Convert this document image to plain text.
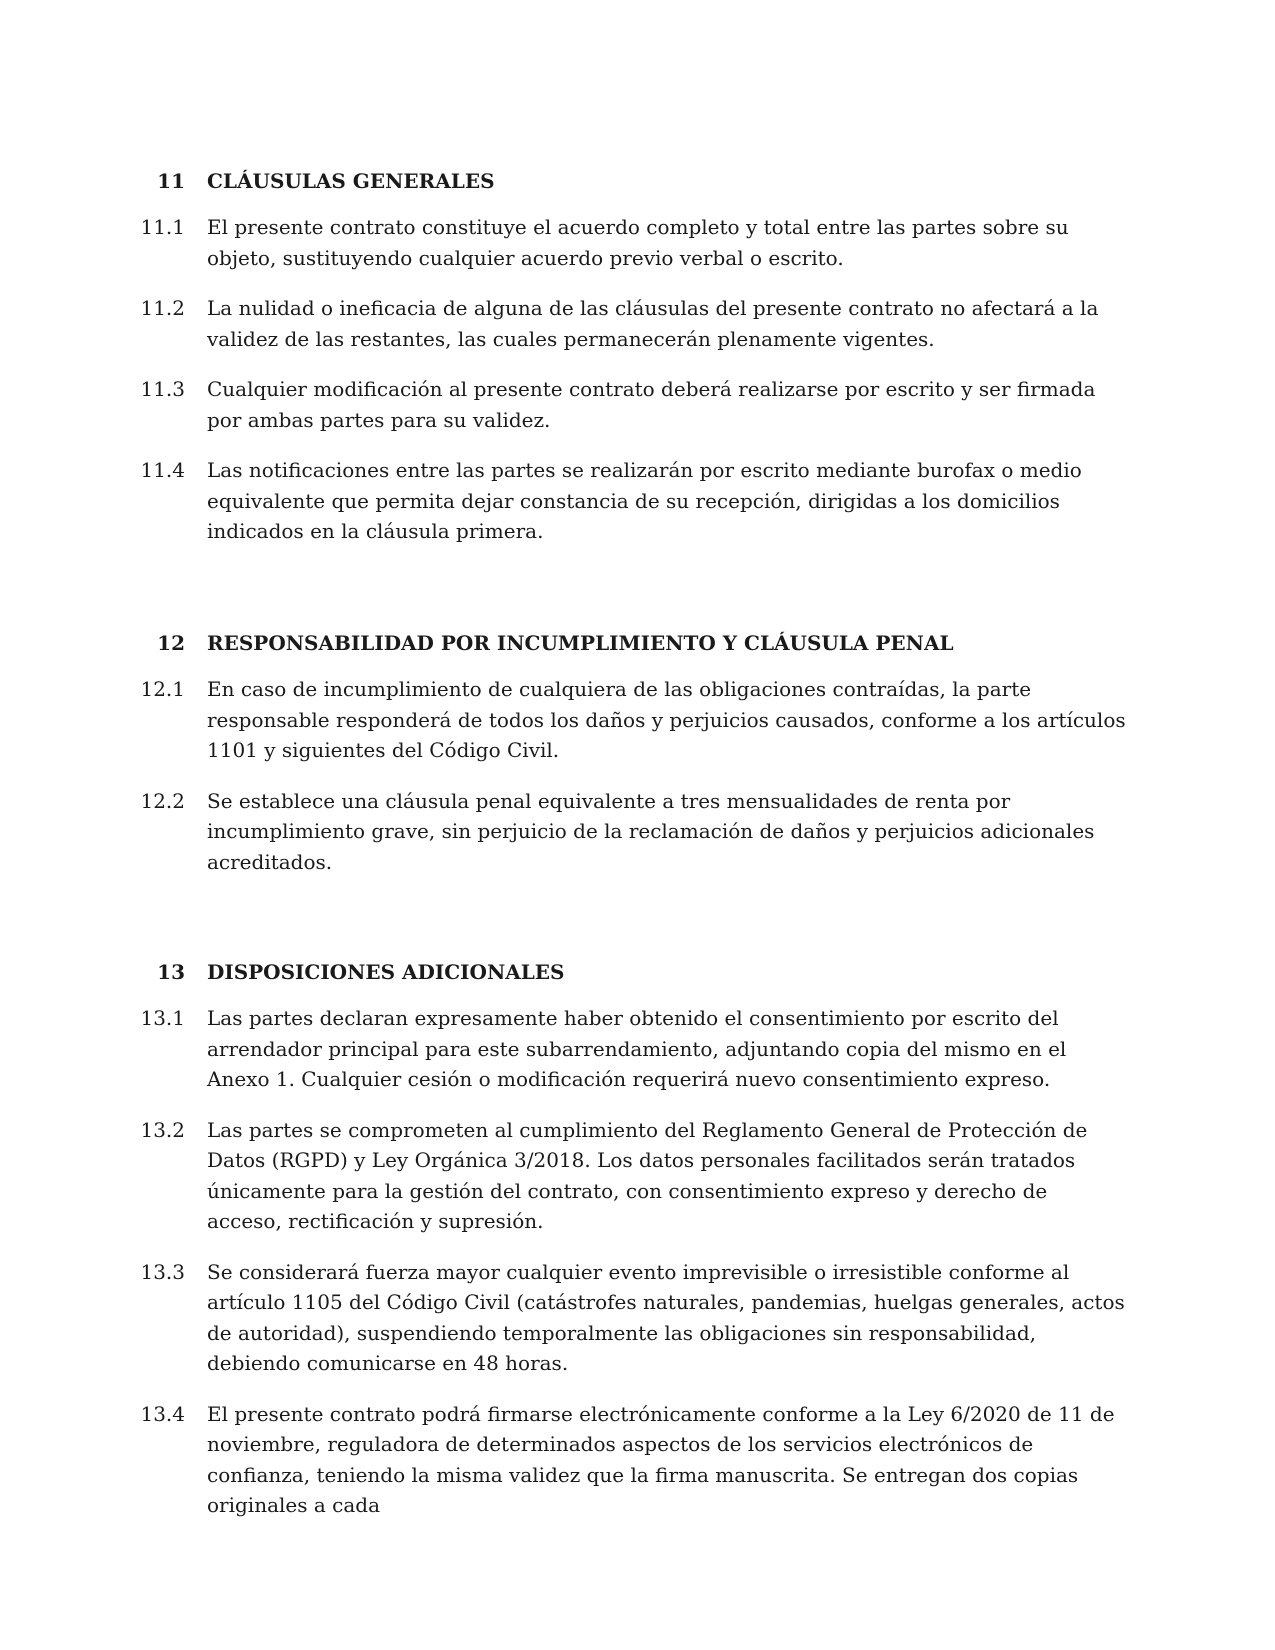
11 CLÁUSULAS GENERALES
11.1 El presente contrato constituye el acuerdo completo y total entre las partes sobre su objeto, sustituyendo cualquier acuerdo previo verbal o escrito.
11.2 La nulidad o ineficacia de alguna de las cláusulas del presente contrato no afectará a la validez de las restantes, las cuales permanecerán plenamente vigentes.
11.3 Cualquier modificación al presente contrato deberá realizarse por escrito y ser firmada por ambas partes para su validez.
11.4 Las notificaciones entre las partes se realizarán por escrito mediante burofax o medio equivalente que permita dejar constancia de su recepción, dirigidas a los domicilios indicados en la cláusula primera.
12 RESPONSABILIDAD POR INCUMPLIMIENTO Y CLÁUSULA PENAL
12.1 En caso de incumplimiento de cualquiera de las obligaciones contraídas, la parte responsable responderá de todos los daños y perjuicios causados, conforme a los artículos 1101 y siguientes del Código Civil.
12.2 Se establece una cláusula penal equivalente a tres mensualidades de renta por incumplimiento grave, sin perjuicio de la reclamación de daños y perjuicios adicionales acreditados.
13 DISPOSICIONES ADICIONALES
13.1 Las partes declaran expresamente haber obtenido el consentimiento por escrito del arrendador principal para este subarrendamiento, adjuntando copia del mismo en el Anexo 1. Cualquier cesión o modificación requerirá nuevo consentimiento expreso.
13.2 Las partes se comprometen al cumplimiento del Reglamento General de Protección de Datos (RGPD) y Ley Orgánica 3/2018. Los datos personales facilitados serán tratados únicamente para la gestión del contrato, con consentimiento expreso y derecho de acceso, rectificación y supresión.
13.3 Se considerará fuerza mayor cualquier evento imprevisible o irresistible conforme al artículo 1105 del Código Civil (catástrofes naturales, pandemias, huelgas generales, actos de autoridad), suspendiendo temporalmente las obligaciones sin responsabilidad, debiendo comunicarse en 48 horas.
13.4 El presente contrato podrá firmarse electrónicamente conforme a la Ley 6/2020 de 11 de noviembre, reguladora de determinados aspectos de los servicios electrónicos de confianza, teniendo la misma validez que la firma manuscrita. Se entregan dos copias originales a cada
